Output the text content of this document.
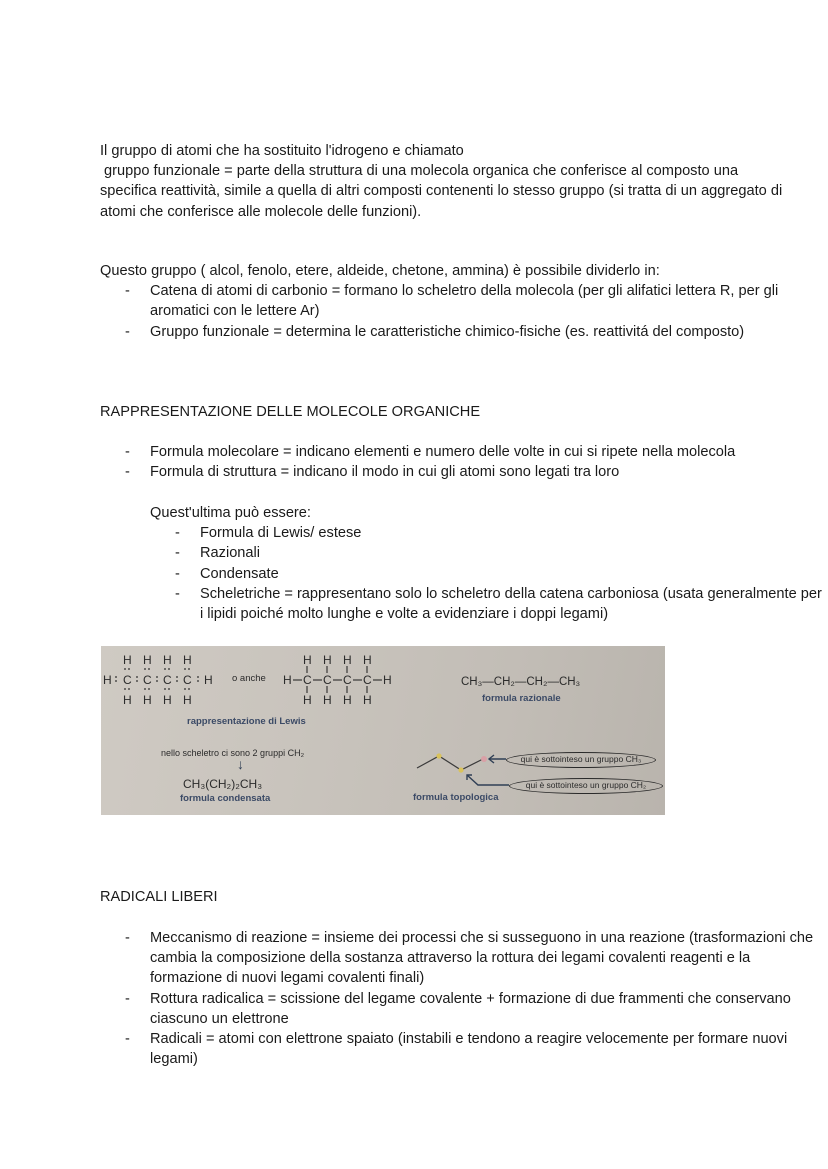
Il gruppo di atomi che ha sostituito l'idrogeno e chiamato

gruppo funzionale = parte della struttura di una molecola organica che conferisce al composto una

specifica reattività, simile a quella di altri composti contenenti lo stesso gruppo (si tratta di un aggregato di

atomi che conferisce alle molecole delle funzioni).

Questo gruppo ( alcol, fenolo, etere, aldeide, chetone, ammina) è possibile dividerlo in:

- Catena di atomi di carbonio = formano lo scheletro della molecola (per gli alifatici lettera R, per gli aromatici con le lettere Ar)
- Gruppo funzionale = determina le caratteristiche chimico-fisiche (es. reattivitá del composto)
RAPPRESENTAZIONE DELLE MOLECOLE ORGANICHE
- Formula molecolare = indicano elementi e numero delle volte in cui si ripete nella molecola
- Formula di struttura = indicano il modo in cui gli atomi sono legati tra loro

Quest'ultima può essere:

- Formula di Lewis/ estese
- Razionali
- Condensate
- Scheletriche = rappresentano solo lo scheletro della catena carboniosa (usata generalmente per i lipidi poiché molto lunghe e volte a evidenziare i doppi legami)
H H H H
H C C C C H
H H H H
H H H H
H C C C C H
H H H H
o anche
rappresentazione di Lewis
CH₃—CH₂—CH₂—CH₃
formula razionale
nello scheletro ci sono 2 gruppi CH₂
↓
CH₃(CH₂)₂CH₃
formula condensata	formula topologica
qui è sottointeso un gruppo CH₃
qui è sottointeso un gruppo CH₂
RADICALI LIBERI
- Meccanismo di reazione = insieme dei processi che si susseguono in una reazione (trasformazioni che cambia la composizione della sostanza attraverso la rottura dei legami covalenti reagenti e la formazione di nuovi legami covalenti finali)
- Rottura radicalica = scissione del legame covalente + formazione di due frammenti che conservano ciascuno un elettrone
- Radicali = atomi con elettrone spaiato (instabili e tendono a reagire velocemente per formare nuovi legami)
